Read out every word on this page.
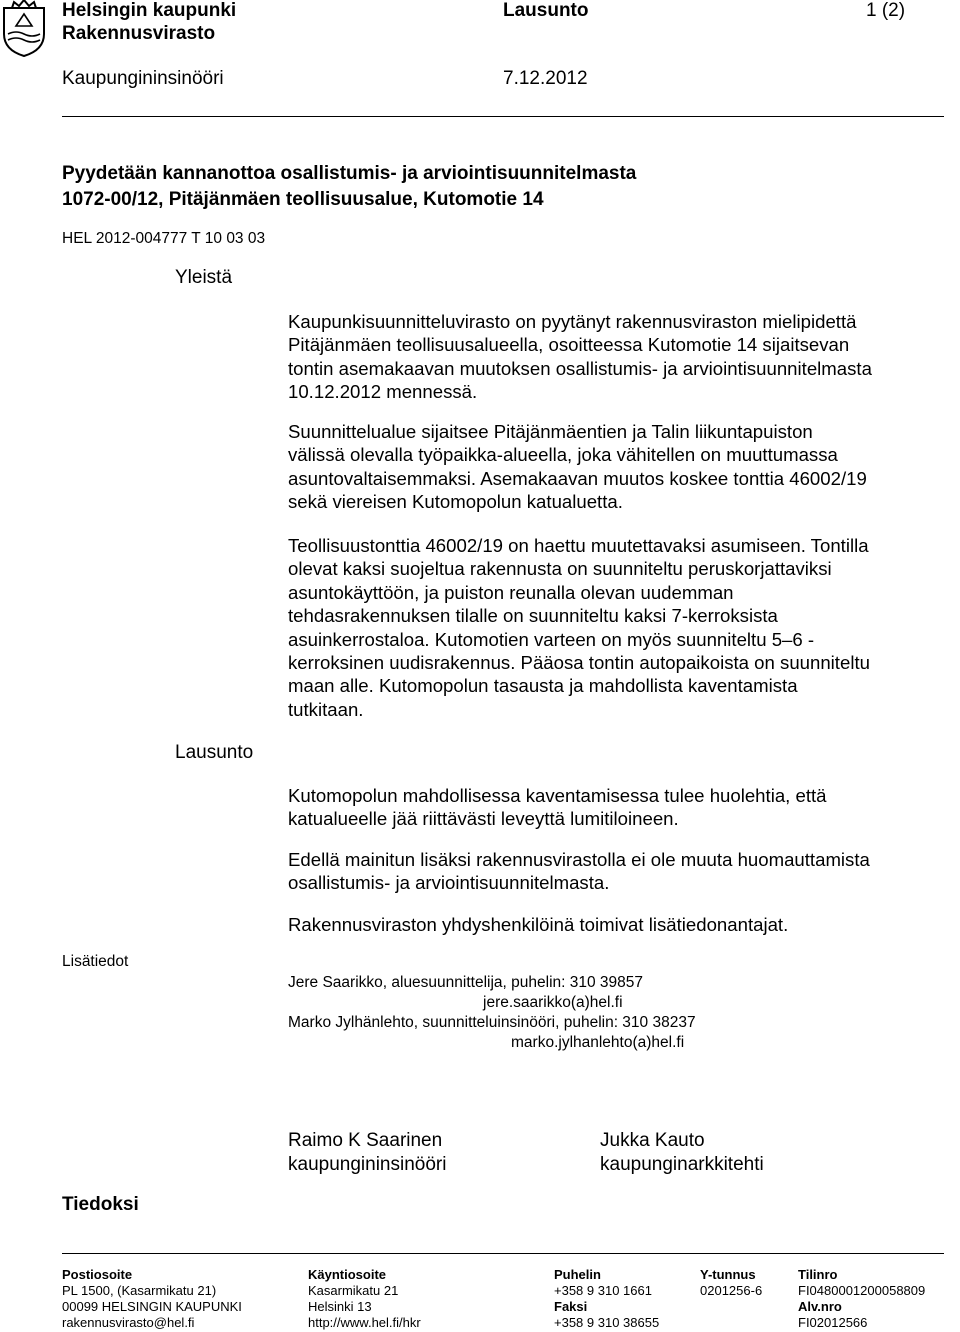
Helsingin kaupunki
Rakennusvirasto
Lausunto	1 (2)
Kaupungininsinööri	7.12.2012
Pyydetään kannanottoa osallistumis- ja arviointisuunnitelmasta
1072-00/12, Pitäjänmäen teollisuusalue, Kutomotie 14
HEL 2012-004777 T 10 03 03
Yleistä
Lausunto
Lisätiedot
Tiedoksi
Kaupunkisuunnitteluvirasto on pyytänyt rakennusviraston mielipidettä
Pitäjänmäen teollisuusalueella, osoitteessa Kutomotie 14 sijaitsevan
tontin asemakaavan muutoksen osallistumis- ja arviointisuunnitelmasta
10.12.2012 mennessä.
Suunnittelualue sijaitsee Pitäjänmäentien ja Talin liikuntapuiston
välissä olevalla työpaikka-alueella, joka vähitellen on muuttumassa
asuntovaltaisemmaksi. Asemakaavan muutos koskee tonttia 46002/19
sekä viereisen Kutomopolun katualuetta.
Teollisuustonttia 46002/19 on haettu muutettavaksi asumiseen. Tontilla
olevat kaksi suojeltua rakennusta on suunniteltu peruskorjattaviksi
asuntokäyttöön, ja puiston reunalla olevan uudemman
tehdasrakennuksen tilalle on suunniteltu kaksi 7-kerroksista
asuinkerrostaloa. Kutomotien varteen on myös suunniteltu 5–6 -
kerroksinen uudisrakennus. Pääosa tontin autopaikoista on suunniteltu
maan alle. Kutomopolun tasausta ja mahdollista kaventamista
tutkitaan.
Kutomopolun mahdollisessa kaventamisessa tulee huolehtia, että
katualueelle jää riittävästi leveyttä lumitiloineen.
Edellä mainitun lisäksi rakennusvirastolla ei ole muuta huomauttamista
osallistumis- ja arviointisuunnitelmasta.
Rakennusviraston yhdyshenkilöinä toimivat lisätiedonantajat.
Jere Saarikko, aluesuunnittelija, puhelin: 310 39857
jere.saarikko(a)hel.fi
Marko Jylhänlehto, suunnitteluinsinööri, puhelin: 310 38237
marko.jylhanlehto(a)hel.fi
Raimo K Saarinen
kaupungininsinööri
Jukka Kauto
kaupunginarkkitehti
Postiosoite
PL 1500, (Kasarmikatu 21)
00099 HELSINGIN KAUPUNKI
rakennusvirasto@hel.fi
Käyntiosoite
Kasarmikatu 21
Helsinki 13
http://www.hel.fi/hkr
Puhelin
+358 9 310 1661
Faksi
+358 9 310 38655
Y-tunnus
0201256-6
Tilinro
FI0480001200058809
Alv.nro
FI02012566
